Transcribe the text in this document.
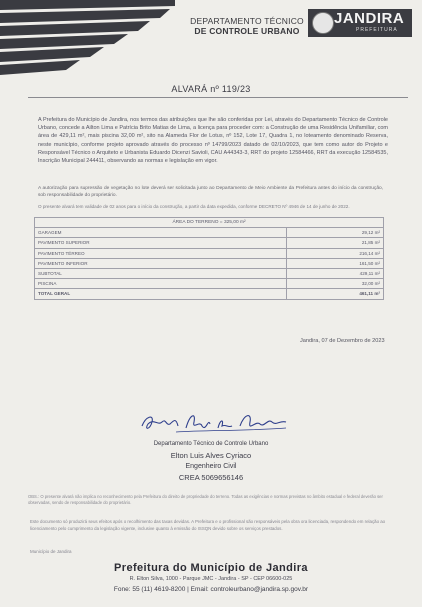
DEPARTAMENTO TÉCNICO
DE CONTROLE URBANO
JANDIRA
PREFEITURA
ALVARÁ nº 119/23
A Prefeitura do Município de Jandira, nos termos das atribuições que lhe são conferidas por Lei, através do Departamento Técnico de Controle Urbano, concede a Ailton Lima e Patrícia Brito Matias de Lima, a licença para proceder com: a Construção de uma Residência Unifamiliar, com área de 429,11 m², mais piscina 32,00 m², sito na Alameda Flor de Lotus, nº 152, Lote 17, Quadra 1, no loteamento denominado Reserva, neste município, conforme projeto aprovado através do processo nº 14799/2023 datado de 02/10/2023, que tem como autor do Projeto e Responsável Técnico o Arquiteto e Urbanista Eduardo Dicenzi Savioli, CAU A44343-3, RRT do projeto 12584466, RRT da execução 12584535, Inscrição Municipal 244411, observando as normas e legislação em vigor.
A autorização para supressão de vegetação no lote deverá ser solicitada junto ao Departamento de Meio Ambiente da Prefeitura antes do início da construção, sob responsabilidade do proprietário.
O presente alvará tem validade de 02 anos para o início da construção, a partir da data expedida, conforme DECRETO Nº 4946 de 14 de junho de 2022.
ÁREA DO TERRENO = 325,00 m²	
GARAGEM	29,12 m²
PAVIMENTO SUPERIOR	21,85 m²
PAVIMENTO TÉRREO	216,14 m²
PAVIMENTO INFERIOR	161,50 m²
SUBTOTAL	429,11 m²
PISCINA	32,00 m²
TOTAL GERAL	461,11 m²
Jandira, 07 de Dezembro de 2023
Departamento Técnico de Controle Urbano
Elton Luis Alves Cyriaco
Engenheiro Civil
CREA 5069656146
OBS.: O presente alvará não implica no reconhecimento pela Prefeitura do direito de propriedade do terreno. Todas as exigências e normas previstas no âmbito estadual e federal deverão ser observadas, sendo de responsabilidade do proprietário.
Este documento só produzirá seus efeitos após o recolhimento das taxas devidas. A Prefeitura e o profissional são responsáveis pela obra ora licenciada, respondendo em relação ao licenciamento pelo cumprimento da legislação vigente, inclusive quanto à emissão do ISSQN devido sobre os serviços prestados.
Município de Jandira
Prefeitura do Município de Jandira
R. Elton Silva, 1000 - Parque JMC - Jandira - SP - CEP 06600-025
Fone: 55 (11) 4619-8200 | Email: controleurbano@jandira.sp.gov.br
